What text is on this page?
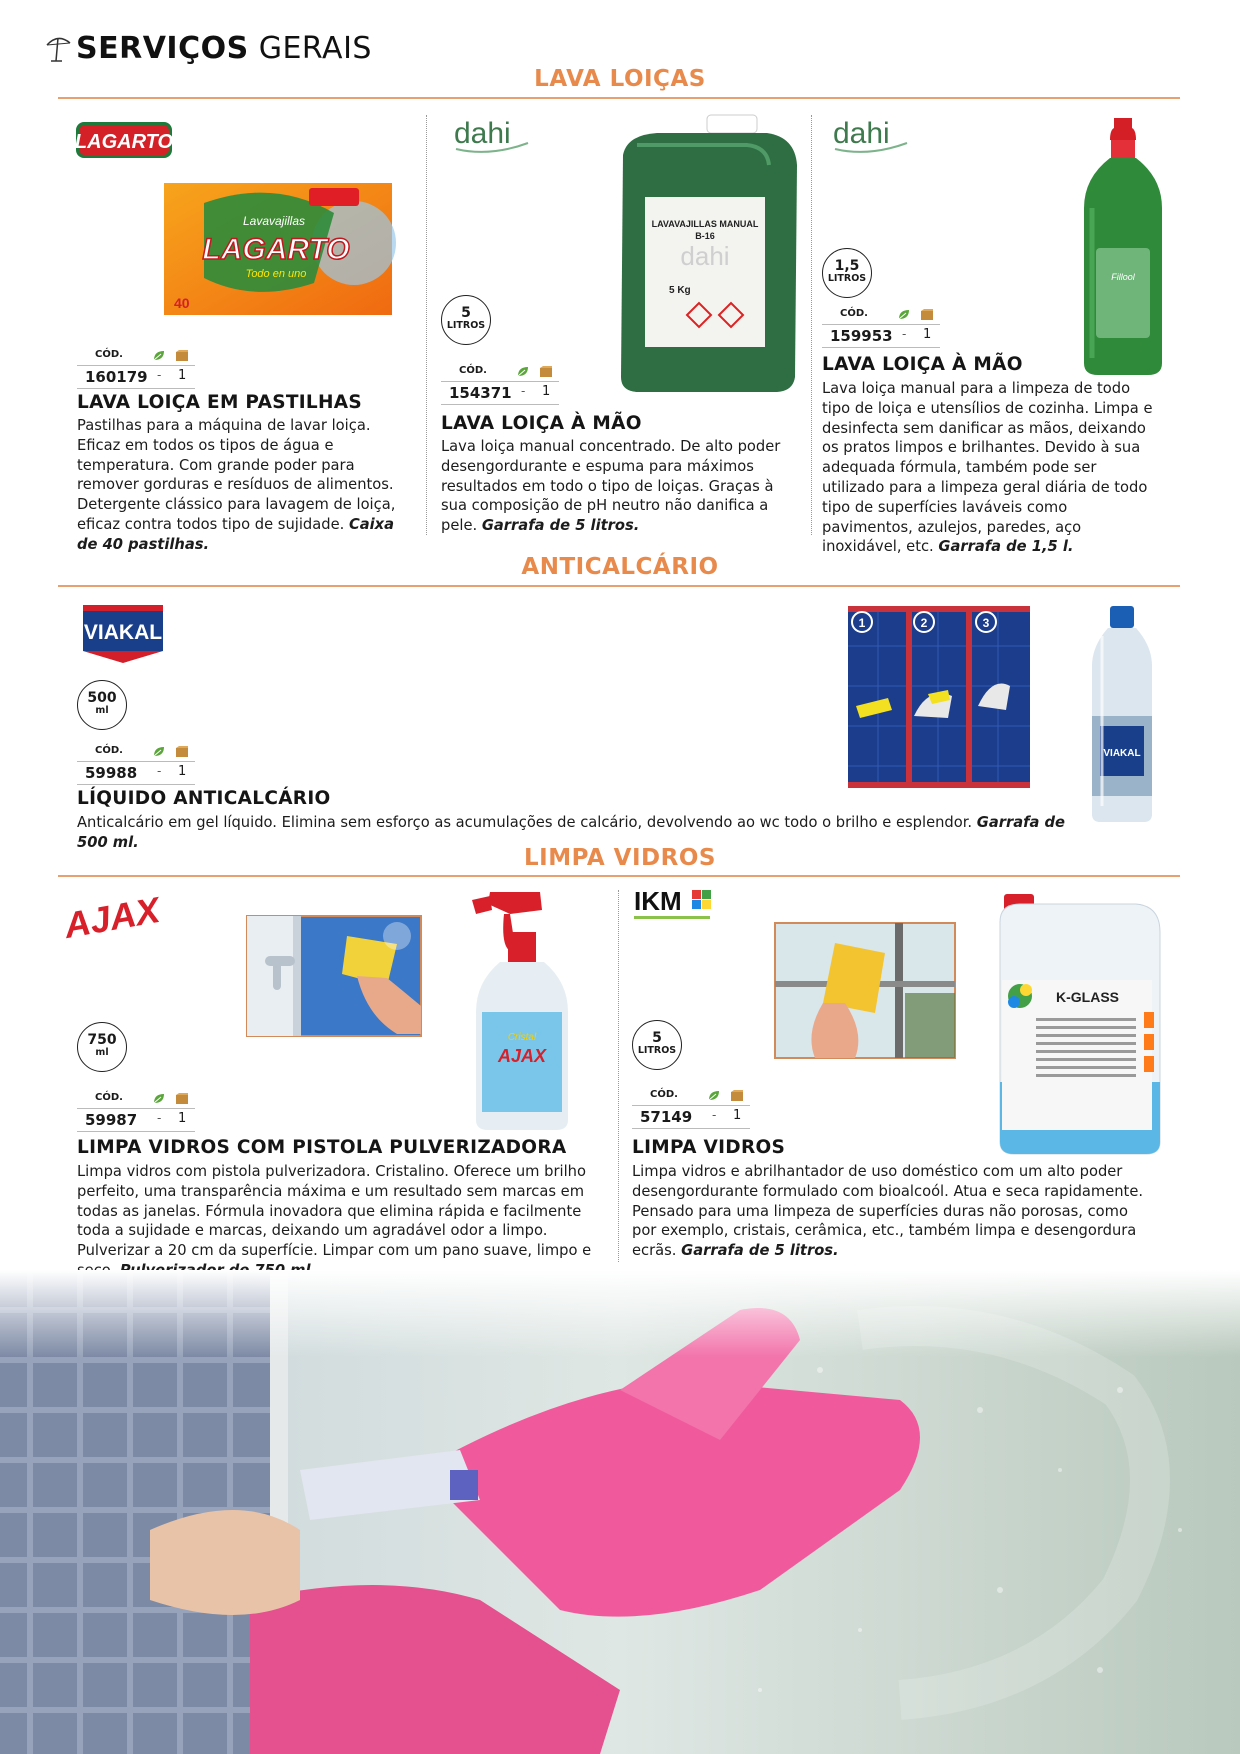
SERVIÇOS GERAIS
LAVA LOIÇAS
LAGARTO
Lavavajillas
LAGARTO
Todo en uno
40
CÓD.
160179 - 1
LAVA LOIÇA EM PASTILHAS
Pastilhas para a máquina de lavar loiça. Eficaz em todos os tipos de água e temperatura. Com grande poder para remover gorduras e resíduos de alimentos. Detergente clássico para lavagem de loiça, eficaz contra todos tipo de sujidade. Caixa de 40 pastilhas.
dahi
LAVAVAJILLAS MANUAL
B-16
dahi
5 Kg
5
LITROS
CÓD.
154371 - 1
LAVA LOIÇA À MÃO
Lava loiça manual concentrado. De alto poder desengordurante e espuma para máximos resultados em todo o tipo de loiças. Graças à sua composição de pH neutro não danifica a pele. Garrafa de 5 litros.
dahi
Fillool
1,5
LITROS
CÓD.
159953 - 1
LAVA LOIÇA À MÃO
Lava loiça manual para a limpeza de todo tipo de loiça e utensílios de cozinha. Limpa e desinfecta sem danificar as mãos, deixando os pratos limpos e brilhantes. Devido à sua adequada fórmula, também pode ser utilizado para a limpeza geral diária de todo tipo de superfícies laváveis como pavimentos, azulejos, paredes, aço inoxidável, etc. Garrafa de 1,5 l.
ANTICALCÁRIO
VIAKAL	1	2	3
VIAKAL
500
ml
CÓD.
59988 - 1
LÍQUIDO ANTICALCÁRIO
Anticalcário em gel líquido. Elimina sem esforço as acumulações de calcário, devolvendo ao wc todo o brilho e esplendor. Garrafa de 500 ml.
LIMPA VIDROS
AJAX
AJAX
Cristal
750
ml
CÓD.
59987 - 1
LIMPA VIDROS COM PISTOLA PULVERIZADORA
Limpa vidros com pistola pulverizadora. Cristalino. Oferece um brilho perfeito, uma transparência máxima e um resultado sem marcas em todas as janelas. Fórmula inovadora que elimina rápida e facilmente toda a sujidade e marcas, deixando um agradável odor a limpo. Pulverizar a 20 cm da superfície. Limpar com um pano suave, limpo e
IKM
K-GLASS
5
LITROS
CÓD.
57149 - 1
LIMPA VIDROS
Limpa vidros e abrilhantador de uso doméstico com um alto poder desengordurante formulado com bioalcoól. Atua e seca rapidamente. Pensado para uma limpeza de superfícies duras não porosas, como por exemplo, cristais, cerâmica, etc., também limpa e desengordura ecrãs. Garrafa de 5 litros.
